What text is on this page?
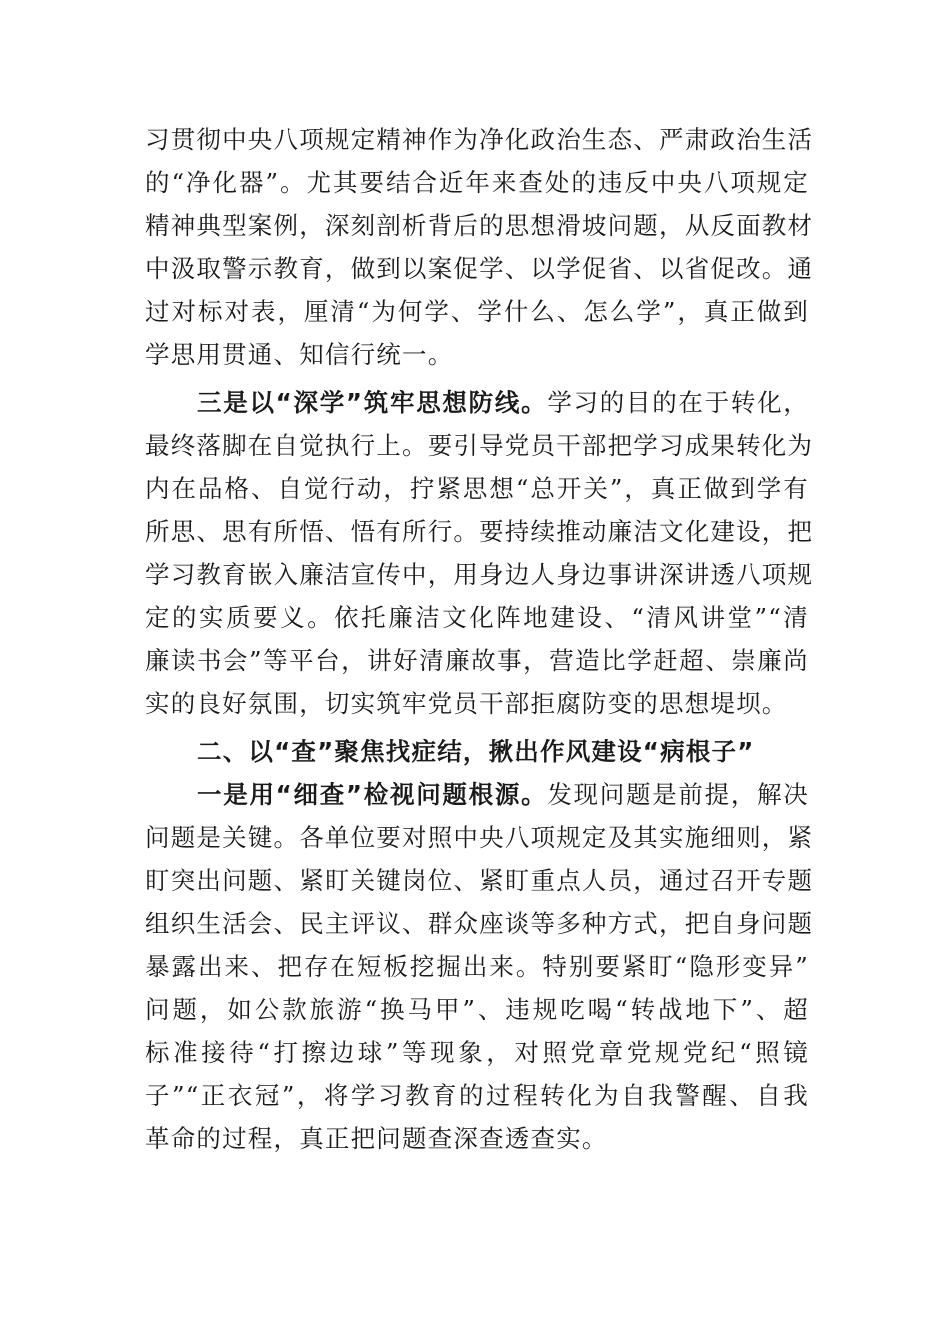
习贯彻中央八项规定精神作为净化政治生态、严肃政治生活
的“净化器”。尤其要结合近年来查处的违反中央八项规定
精神典型案例，深刻剖析背后的思想滑坡问题，从反面教材
中汲取警示教育，做到以案促学、以学促省、以省促改。通
过对标对表，厘清“为何学、学什么、怎么学”，真正做到
学思用贯通、知信行统一。
三是以“深学”筑牢思想防线。学习的目的在于转化，
最终落脚在自觉执行上。要引导党员干部把学习成果转化为
内在品格、自觉行动，拧紧思想“总开关”，真正做到学有
所思、思有所悟、悟有所行。要持续推动廉洁文化建设，把
学习教育嵌入廉洁宣传中，用身边人身边事讲深讲透八项规
定的实质要义。依托廉洁文化阵地建设、“清风讲堂”“清
廉读书会”等平台，讲好清廉故事，营造比学赶超、崇廉尚
实的良好氛围，切实筑牢党员干部拒腐防变的思想堤坝。
二、以“查”聚焦找症结，揪出作风建设“病根子”
一是用“细查”检视问题根源。发现问题是前提，解决
问题是关键。各单位要对照中央八项规定及其实施细则，紧
盯突出问题、紧盯关键岗位、紧盯重点人员，通过召开专题
组织生活会、民主评议、群众座谈等多种方式，把自身问题
暴露出来、把存在短板挖掘出来。特别要紧盯“隐形变异”
问题，如公款旅游“换马甲”、违规吃喝“转战地下”、超
标准接待“打擦边球”等现象，对照党章党规党纪“照镜
子”“正衣冠”，将学习教育的过程转化为自我警醒、自我
革命的过程，真正把问题查深查透查实。
